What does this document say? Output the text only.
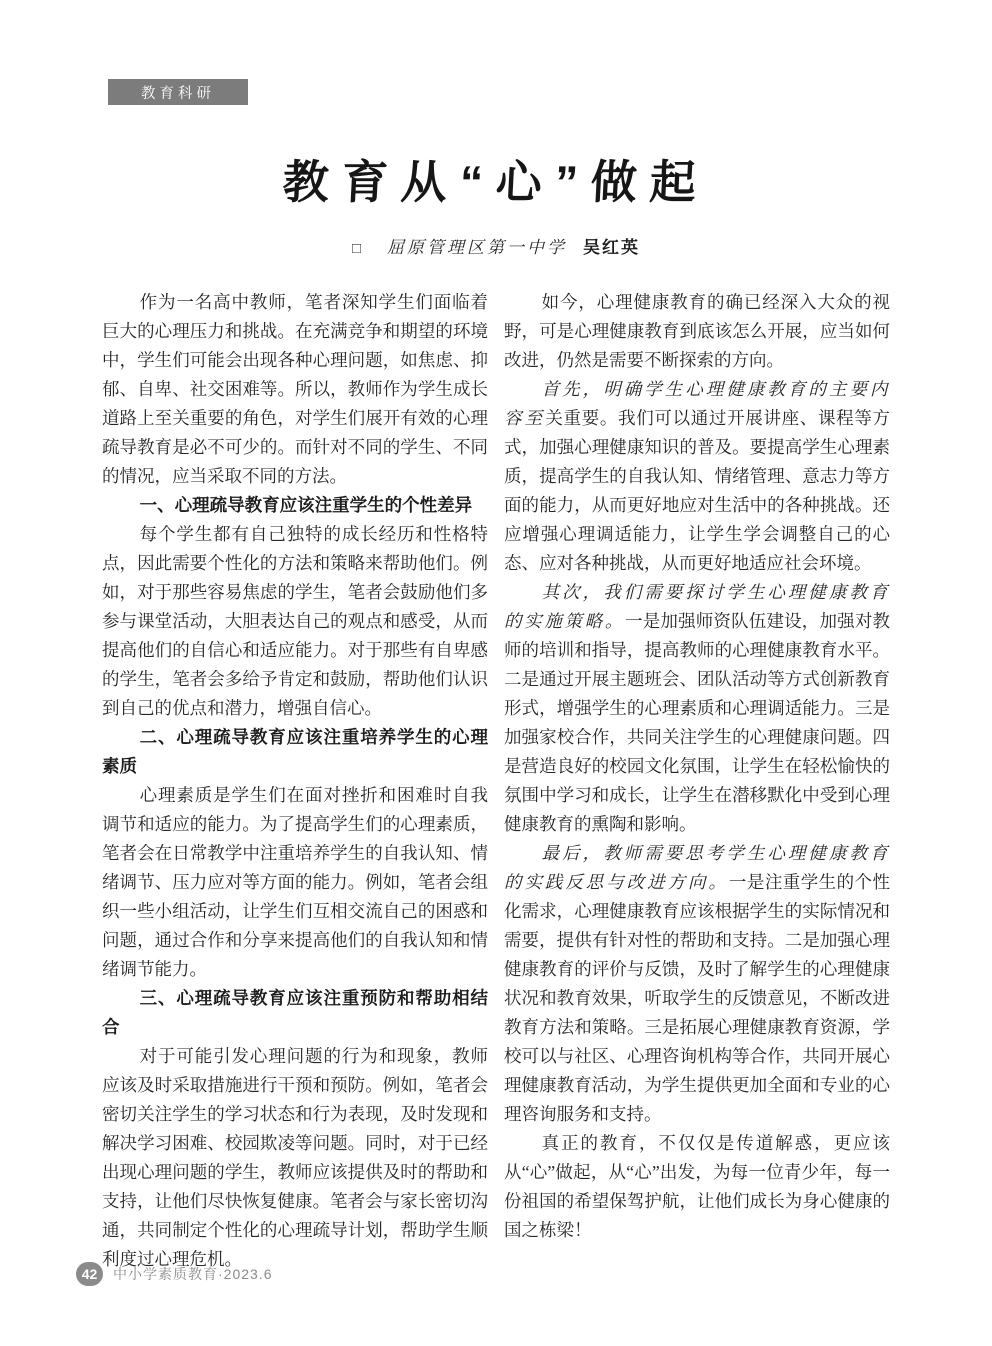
教育科研
教育从“心”做起
□ 屈原管理区第一中学 吴红英

作为一名高中教师，笔者深知学生们面临着巨大的心理压力和挑战。在充满竞争和期望的环境中，学生们可能会出现各种心理问题，如焦虑、抑郁、自卑、社交困难等。所以，教师作为学生成长道路上至关重要的角色，对学生们展开有效的心理疏导教育是必不可少的。而针对不同的学生、不同的情况，应当采取不同的方法。

一、心理疏导教育应该注重学生的个性差异

每个学生都有自己独特的成长经历和性格特点，因此需要个性化的方法和策略来帮助他们。例如，对于那些容易焦虑的学生，笔者会鼓励他们多参与课堂活动，大胆表达自己的观点和感受，从而提高他们的自信心和适应能力。对于那些有自卑感的学生，笔者会多给予肯定和鼓励，帮助他们认识到自己的优点和潜力，增强自信心。

二、心理疏导教育应该注重培养学生的心理素质

心理素质是学生们在面对挫折和困难时自我调节和适应的能力。为了提高学生们的心理素质，笔者会在日常教学中注重培养学生的自我认知、情绪调节、压力应对等方面的能力。例如，笔者会组织一些小组活动，让学生们互相交流自己的困惑和问题，通过合作和分享来提高他们的自我认知和情绪调节能力。

三、心理疏导教育应该注重预防和帮助相结合

对于可能引发心理问题的行为和现象，教师应该及时采取措施进行干预和预防。例如，笔者会密切关注学生的学习状态和行为表现，及时发现和解决学习困难、校园欺凌等问题。同时，对于已经出现心理问题的学生，教师应该提供及时的帮助和支持，让他们尽快恢复健康。笔者会与家长密切沟通，共同制定个性化的心理疏导计划，帮助学生顺利度过心理危机。

如今，心理健康教育的确已经深入大众的视野，可是心理健康教育到底该怎么开展，应当如何改进，仍然是需要不断探索的方向。

首先，明确学生心理健康教育的主要内容至关重要。我们可以通过开展讲座、课程等方式，加强心理健康知识的普及。要提高学生心理素质，提高学生的自我认知、情绪管理、意志力等方面的能力，从而更好地应对生活中的各种挑战。还应增强心理调适能力，让学生学会调整自己的心态、应对各种挑战，从而更好地适应社会环境。

其次，我们需要探讨学生心理健康教育的实施策略。一是加强师资队伍建设，加强对教师的培训和指导，提高教师的心理健康教育水平。二是通过开展主题班会、团队活动等方式创新教育形式，增强学生的心理素质和心理调适能力。三是加强家校合作，共同关注学生的心理健康问题。四是营造良好的校园文化氛围，让学生在轻松愉快的氛围中学习和成长，让学生在潜移默化中受到心理健康教育的熏陶和影响。

最后，教师需要思考学生心理健康教育的实践反思与改进方向。一是注重学生的个性化需求，心理健康教育应该根据学生的实际情况和需要，提供有针对性的帮助和支持。二是加强心理健康教育的评价与反馈，及时了解学生的心理健康状况和教育效果，听取学生的反馈意见，不断改进教育方法和策略。三是拓展心理健康教育资源，学校可以与社区、心理咨询机构等合作，共同开展心理健康教育活动，为学生提供更加全面和专业的心理咨询服务和支持。

真正的教育，不仅仅是传道解惑，更应该从“心”做起，从“心”出发，为每一位青少年，每一份祖国的希望保驾护航，让他们成长为身心健康的国之栋梁！

42	中小学素质教育·2023.6
